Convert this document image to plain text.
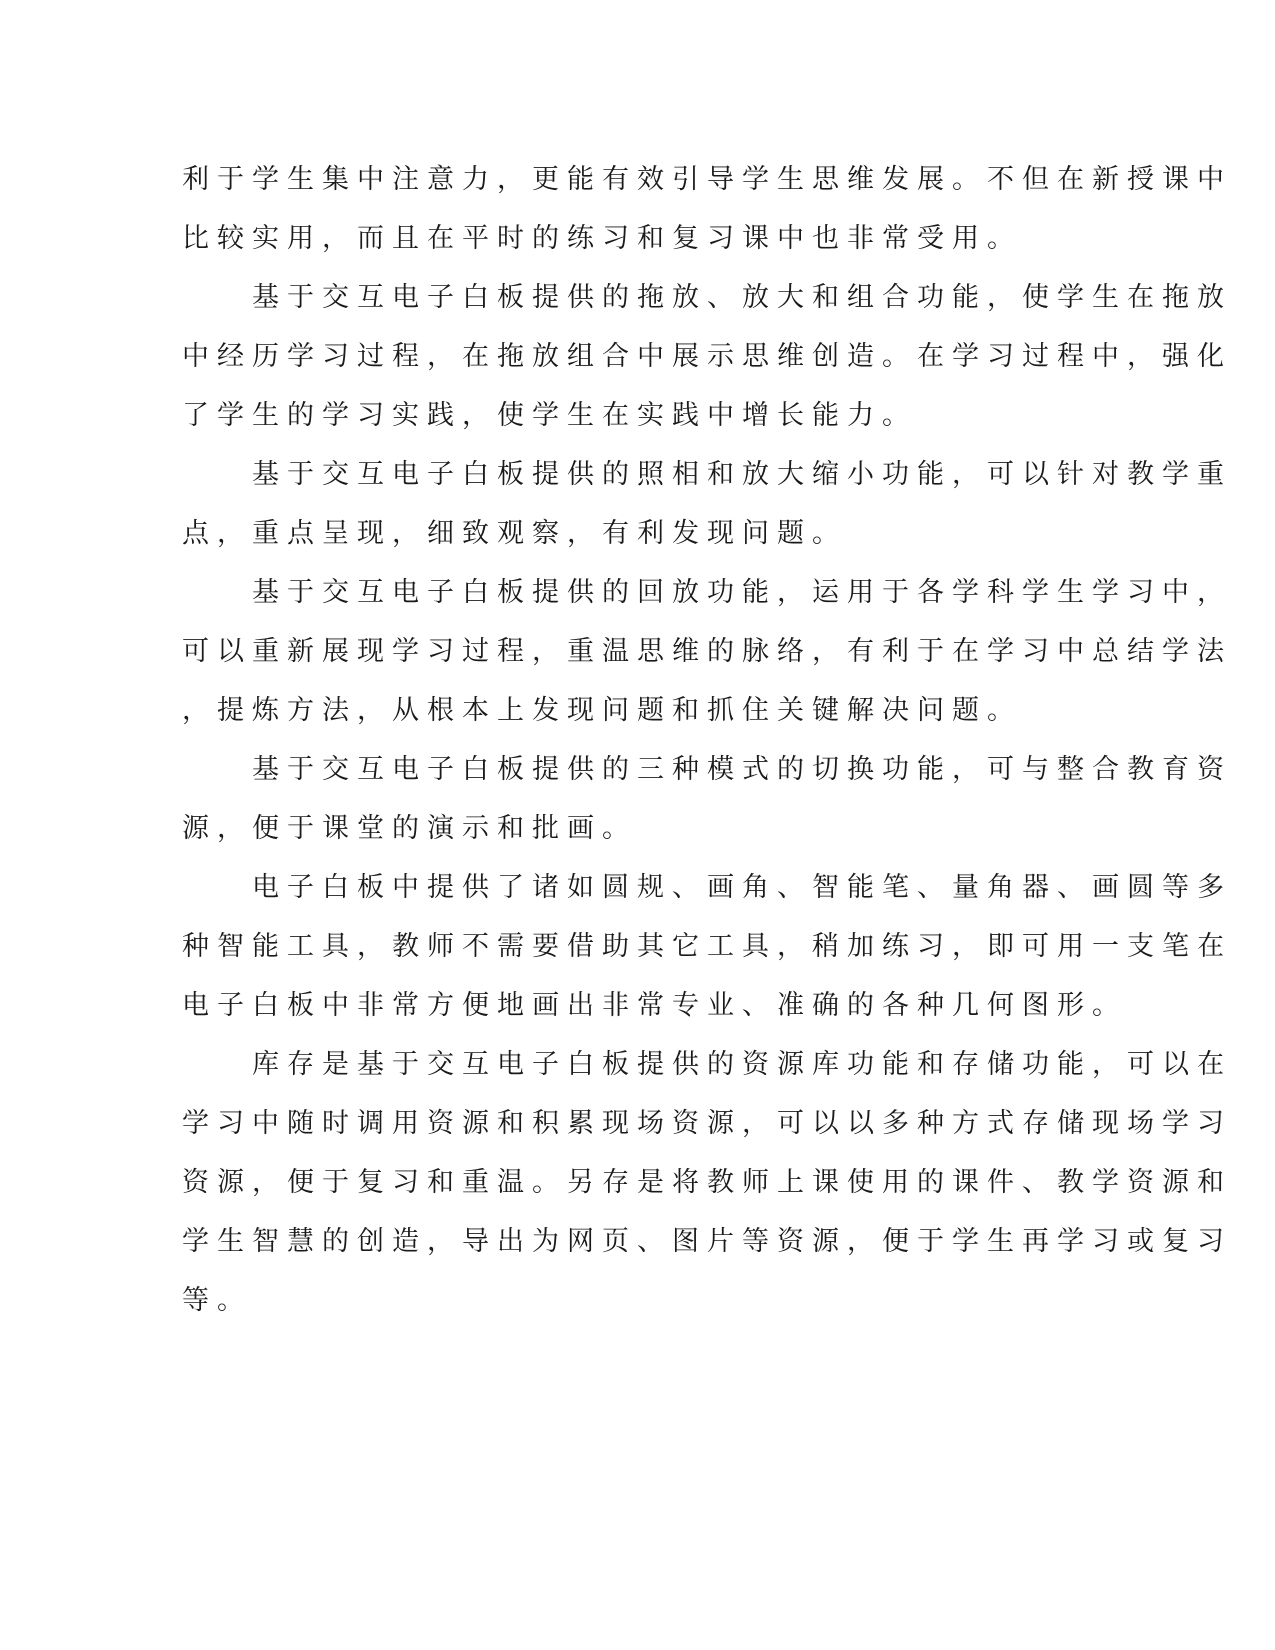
利于学生集中注意力，更能有效引导学生思维发展。不但在新授课中

比较实用，而且在平时的练习和复习课中也非常受用。

基于交互电子白板提供的拖放、放大和组合功能，使学生在拖放

中经历学习过程，在拖放组合中展示思维创造。在学习过程中，强化

了学生的学习实践，使学生在实践中增长能力。

基于交互电子白板提供的照相和放大缩小功能，可以针对教学重

点，重点呈现，细致观察，有利发现问题。

基于交互电子白板提供的回放功能，运用于各学科学生学习中，

可以重新展现学习过程，重温思维的脉络，有利于在学习中总结学法

，提炼方法，从根本上发现问题和抓住关键解决问题。

基于交互电子白板提供的三种模式的切换功能，可与整合教育资

源，便于课堂的演示和批画。

电子白板中提供了诸如圆规、画角、智能笔、量角器、画圆等多

种智能工具，教师不需要借助其它工具，稍加练习，即可用一支笔在

电子白板中非常方便地画出非常专业、准确的各种几何图形。

库存是基于交互电子白板提供的资源库功能和存储功能，可以在

学习中随时调用资源和积累现场资源，可以以多种方式存储现场学习

资源，便于复习和重温。另存是将教师上课使用的课件、教学资源和

学生智慧的创造，导出为网页、图片等资源，便于学生再学习或复习

等。
